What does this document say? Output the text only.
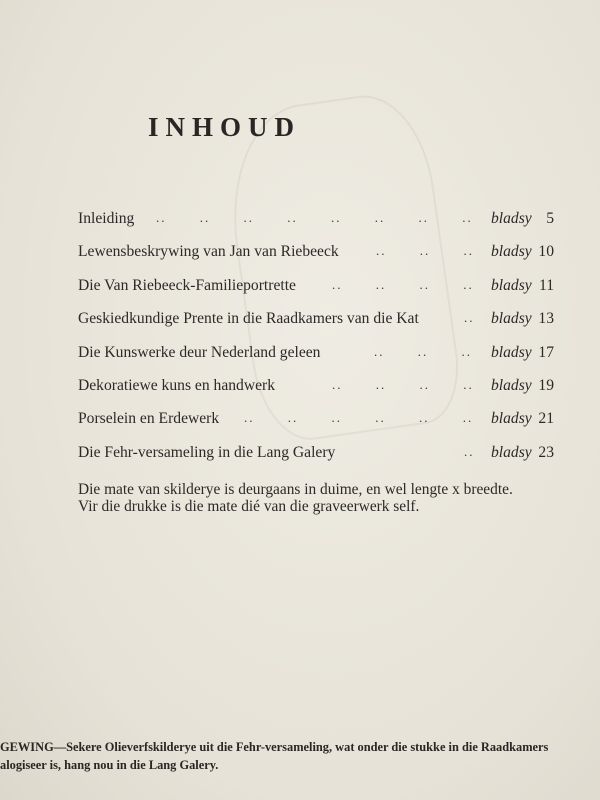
INHOUD
Inleiding ..	..	..	..	..	..	..	.. bladsy 5
Lewensbeskrywing van Jan van Riebeeck	..	..	.. bladsy 10
Die Van Riebeeck-Familieportrette	..	..	..	.. bladsy 11
Geskiedkundige Prente in die Raadkamers van die Kat	.. bladsy 13
Die Kunswerke deur Nederland geleen	..	..	.. bladsy 17
Dekoratiewe kuns en handwerk	..	..	..	.. bladsy 19
Porselein en Erdewerk ..	..	..	..	..	.. bladsy 21
Die Fehr-versameling in die Lang Galery	.. bladsy 23
Die mate van skilderye is deurgaans in duime, en wel lengte x breedte.
Vir die drukke is die mate dié van die graveerwerk self.
GEWING—Sekere Olieverfskilderye uit die Fehr-versameling, wat onder die stukke in die Raadkamers
alogiseer is, hang nou in die Lang Galery.
